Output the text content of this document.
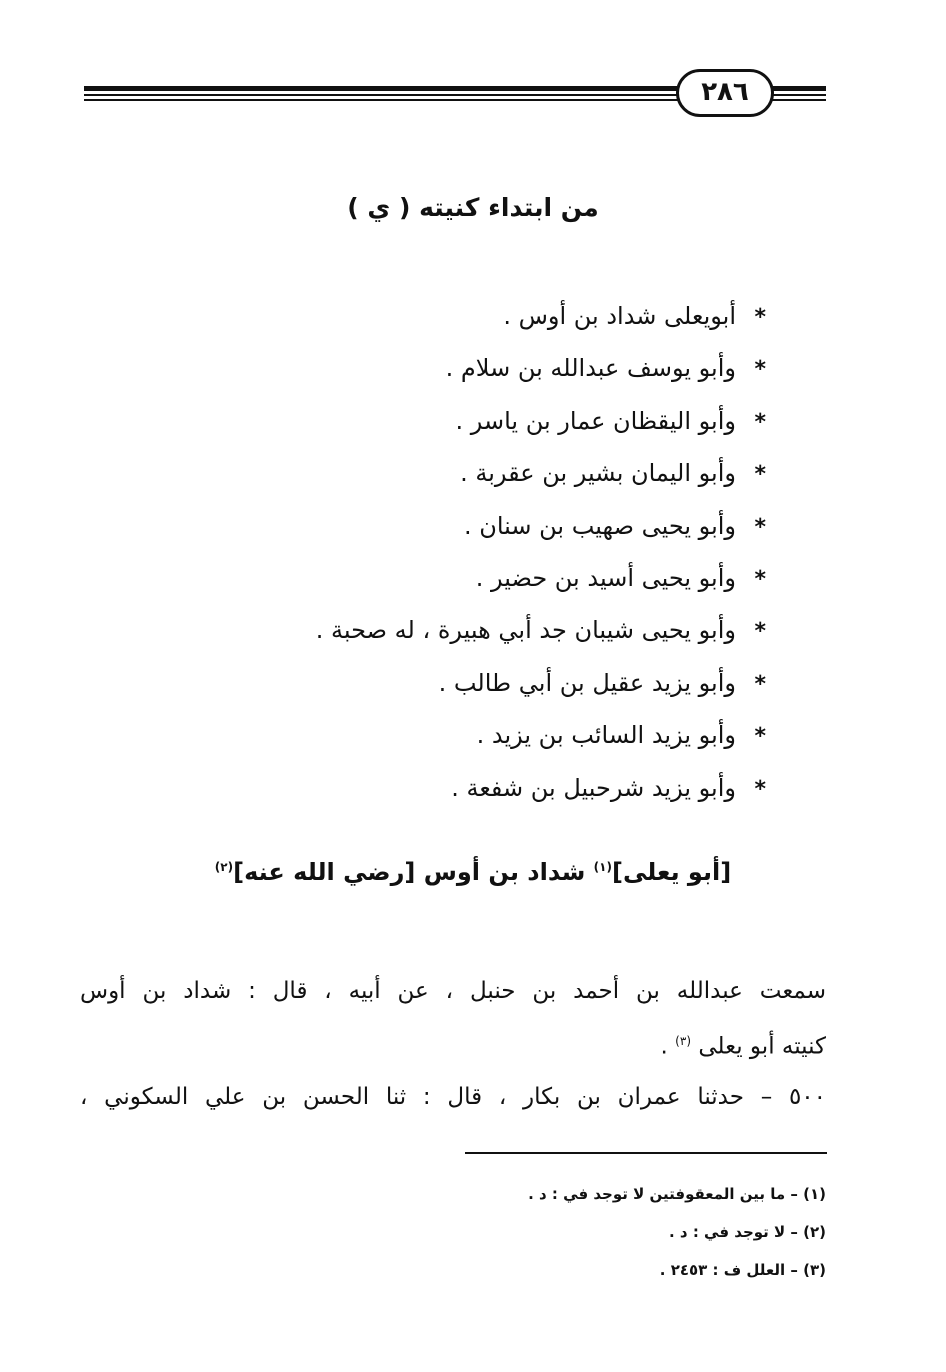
٢٨٦
من ابتداء كنيته ( ي )
*أبويعلى شداد بن أوس .
*وأبو يوسف عبدالله بن سلام .
*وأبو اليقظان عمار بن ياسر .
*وأبو اليمان بشير بن عقربة .
*وأبو يحيى صهيب بن سنان .
*وأبو يحيى أسيد بن حضير .
*وأبو يحيى شيبان جد أبي هبيرة ، له صحبة .
*وأبو يزيد عقيل بن أبي طالب .
*وأبو يزيد السائب بن يزيد .
*وأبو يزيد شرحبيل بن شفعة .
[أبو يعلى]$^{(١)}$ شداد بن أوس [رضي الله عنه]$^{(٢)}$
سمعت عبدالله بن أحمد بن حنبل ، عن أبيه ، قال : شداد بن أوس
كنيته أبو يعلى $^{(٣)}$ .
٥٠٠ – حدثنا عمران بن بكار ، قال : ثنا الحسن بن علي السكوني ،
(١) – ما بين المعقوفتين لا توجد في : د .
(٢) – لا توجد في : د .
(٣) – العلل ف : ٢٤٥٣ .
